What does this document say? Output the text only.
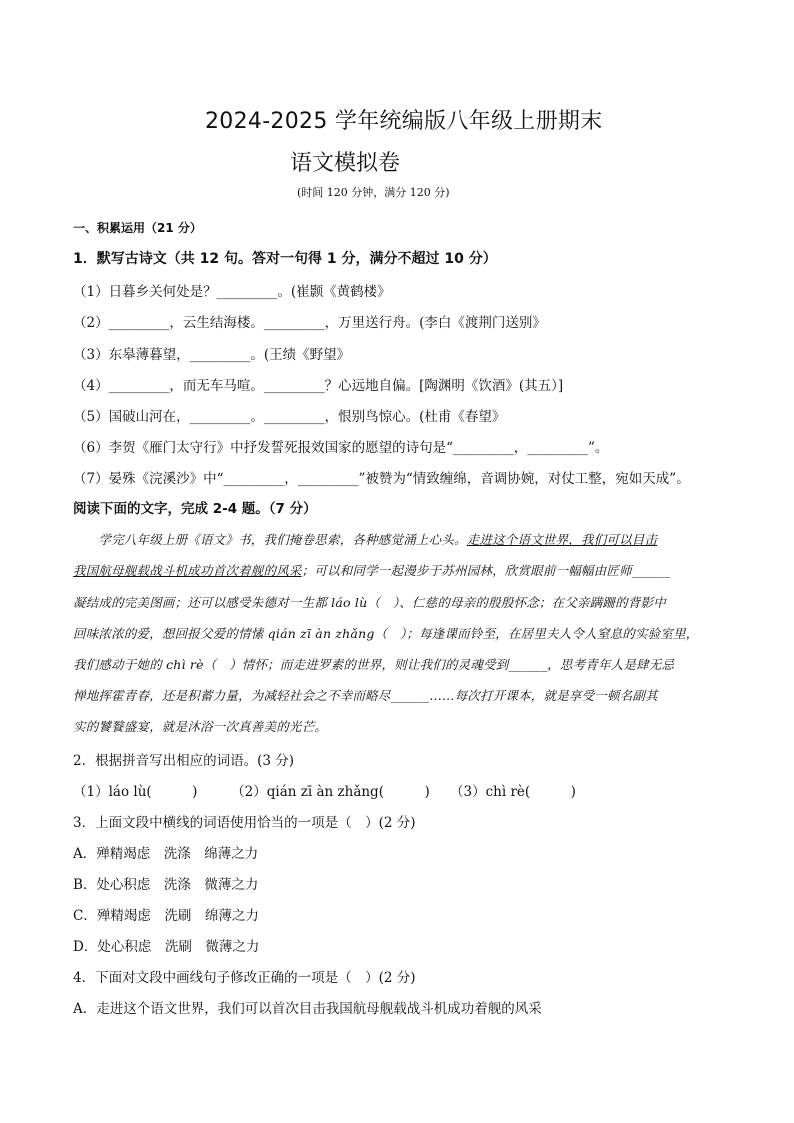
2024-2025 学年统编版八年级上册期末
语文模拟卷
(时间 120 分钟，满分 120 分)
一、积累运用（21 分）
1．默写古诗文（共 12 句。答对一句得 1 分，满分不超过 10 分）
（1）日暮乡关何处是？_________。(崔颢《黄鹤楼》
（2）_________，云生结海楼。_________，万里送行舟。(李白《渡荆门送别》
（3）东皋薄暮望，_________。(王绩《野望》
（4）_________，而无车马喧。_________？心远地自偏。[陶渊明《饮酒》(其五）]
（5）国破山河在，_________。_________，恨别鸟惊心。(杜甫《春望》
（6）李贺《雁门太守行》中抒发誓死报效国家的愿望的诗句是“_________，_________”。
（7）晏殊《浣溪沙》中“_________，_________”被赞为“情致缠绵，音调协婉，对仗工整，宛如天成”。
阅读下面的文字，完成 2-4 题。（7 分）
　　学完八年级上册《语文》书，我们掩卷思索，各种感觉涌上心头。走进这个语文世界，我们可以目击
我国航母舰载战斗机成功首次着舰的风采；可以和同学一起漫步于苏州园林，欣赏眼前一幅幅由匠师______
凝结成的完美图画；还可以感受朱德对一生都 láo lù（　）、仁慈的母亲的殷殷怀念；在父亲蹒跚的背影中
回味浓浓的爱，想回报父爱的情愫 qián zī àn zhǎng（　）；每逢课而铃至，在居里夫人令人窒息的实验室里，
我们感动于她的 chì rè（　）情怀；而走进罗素的世界，则让我们的灵魂受到______，思考青年人是肆无忌
惮地挥霍青春，还是积蓄力量，为减轻社会之不幸而略尽______……每次打开课本，就是享受一顿名副其
实的饕餮盛宴，就是沐浴一次真善美的光芒。
2．根据拼音写出相应的词语。(3 分)
（1）láo lù(　　　)　　　（2）qián zī àn zhǎng(　　　)　　（3）chì rè(　　　)
3．上面文段中横线的词语使用恰当的一项是（　）(2 分)
A．殚精竭虑　洗涤　绵薄之力
B．处心积虑　洗涤　微薄之力
C．殚精竭虑　洗刷　绵薄之力
D．处心积虑　洗刷　微薄之力
4．下面对文段中画线句子修改正确的一项是（　）(2 分)
A．走进这个语文世界，我们可以首次目击我国航母舰载战斗机成功着舰的风采
